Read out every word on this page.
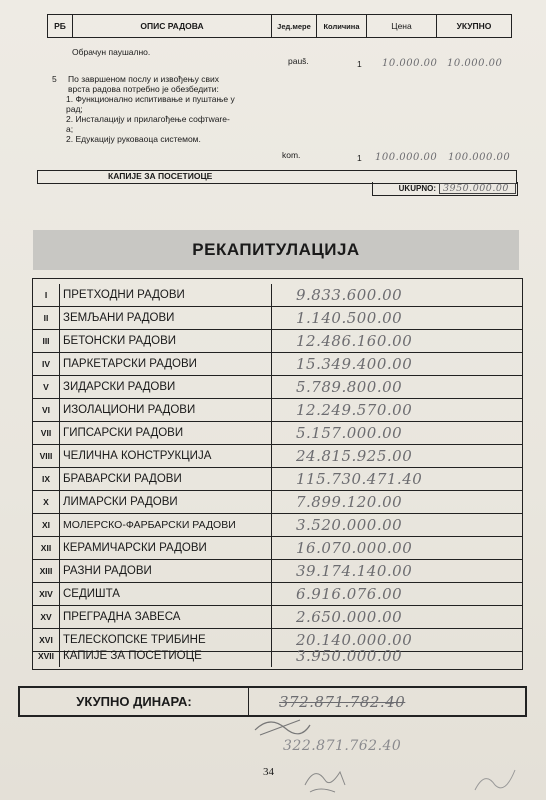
РБ	ОПИС РАДОВА	Јед.мере	Количина	Цена	УКУПНО
Обрачун паушално.
pauš.	1 10.000.00 10.000.00
5 По завршеном послу и извођењу свих
врста радова потребно је обезбедити:
1. Функционално испитивање и пуштање у
рад;
2. Инсталацију и прилагођење софтware-
а;
2. Едукацију руковаоца системом.
kom.	1 100.000.00 100.000.00
КАПИЈЕ ЗА ПОСЕТИОЦЕ
UKUPNO: 3950.000.00
РЕКАПИТУЛАЦИЈА
I	ПРЕТХОДНИ РАДОВИ	9.833.600.00
II	ЗЕМЉАНИ РАДОВИ	1.140.500.00
III	БЕТОНСКИ РАДОВИ	12.486.160.00
IV	ПАРКЕТАРСКИ РАДОВИ	15.349.400.00
V	ЗИДАРСКИ РАДОВИ	5.789.800.00
VI	ИЗОЛАЦИОНИ РАДОВИ	12.249.570.00
VII	ГИПСАРСКИ РАДОВИ	5.157.000.00
VIII ЧЕЛИЧНА КОНСТРУКЦИЈА	24.815.925.00
IX	БРАВАРСКИ РАДОВИ	115.730.471.40
X	ЛИМАРСКИ РАДОВИ	7.899.120.00
XI	МОЛЕРСКО-ФАРБАРСКИ РАДОВИ	3.520.000.00
XII	КЕРАМИЧАРСКИ РАДОВИ	16.070.000.00
XIII РАЗНИ РАДОВИ	39.174.140.00
XIV СЕДИШТА	6.916.076.00
XV ПРЕГРАДНА ЗАВЕСА	2.650.000.00
XVI ТЕЛЕСКОПСКЕ ТРИБИНЕ	20.140.000.00
XVII КАПИЈЕ ЗА ПОСЕТИОЦЕ	3.950.000.00
УКУПНО ДИНАРА:	372.871.782.40
322.871.762.40
34
